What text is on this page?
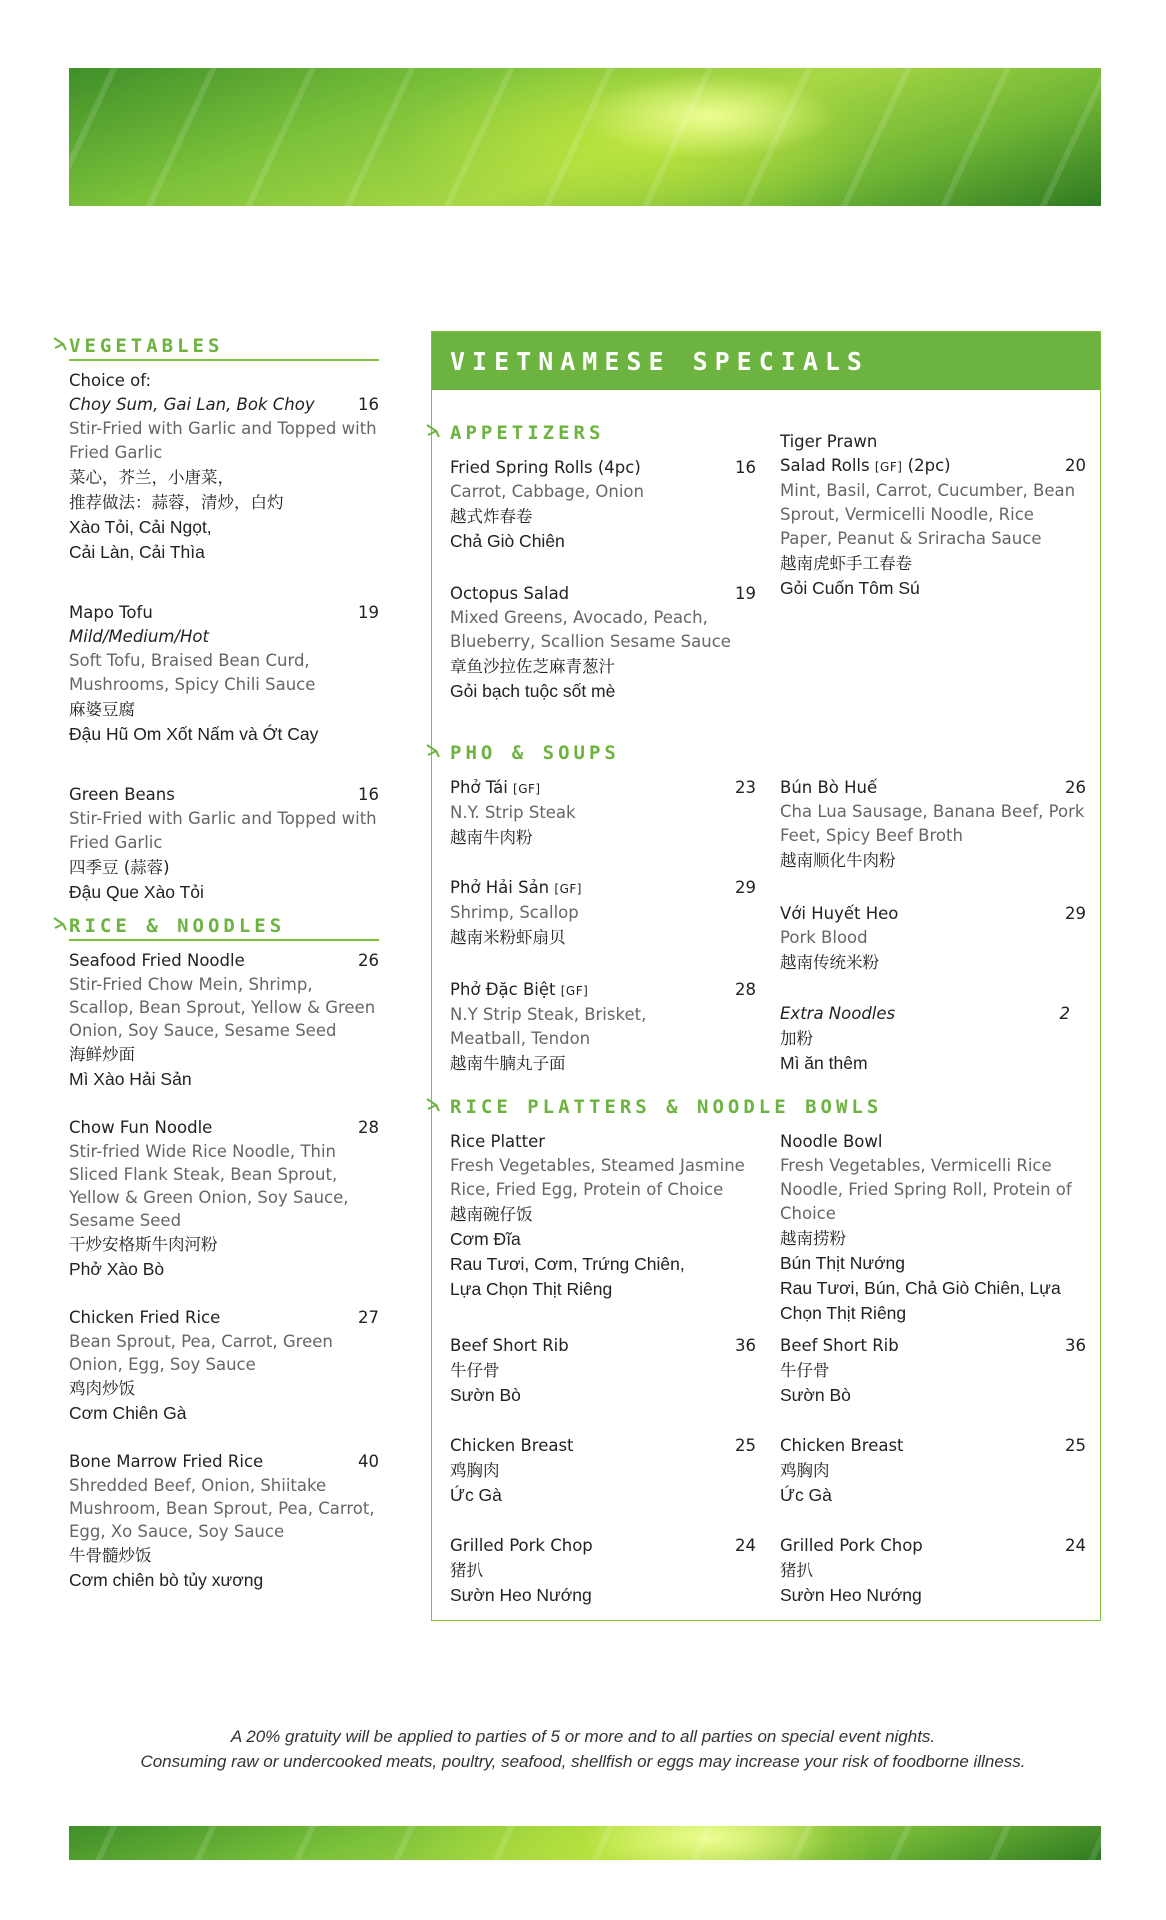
VEGETABLES
Choice of:
Choy Sum, Gai Lan, Bok Choy	16
Stir-Fried with Garlic and Topped with Fried Garlic
菜心，芥兰，小唐菜，
推荐做法：蒜蓉，清炒，白灼
Xào Tỏi, Cải Ngọt,
Cải Làn, Cải Thìa
Mapo Tofu	19
Mild/Medium/Hot
Soft Tofu, Braised Bean Curd, Mushrooms, Spicy Chili Sauce
麻婆豆腐
Đậu Hũ Om Xốt Nấm và Ớt Cay
Green Beans	16
Stir-Fried with Garlic and Topped with Fried Garlic
四季豆 (蒜蓉)
Đậu Que Xào Tỏi
RICE & NOODLES
Seafood Fried Noodle	26
Stir-Fried Chow Mein, Shrimp, Scallop, Bean Sprout, Yellow & Green Onion, Soy Sauce, Sesame Seed
海鲜炒面
Mì Xào Hải Sản
Chow Fun Noodle	28
Stir-fried Wide Rice Noodle, Thin Sliced Flank Steak, Bean Sprout, Yellow & Green Onion, Soy Sauce, Sesame Seed
干炒安格斯牛肉河粉
Phở Xào Bò
Chicken Fried Rice	27
Bean Sprout, Pea, Carrot, Green Onion, Egg, Soy Sauce
鸡肉炒饭
Cơm Chiên Gà
Bone Marrow Fried Rice	40
Shredded Beef, Onion, Shiitake Mushroom, Bean Sprout, Pea, Carrot, Egg, Xo Sauce, Soy Sauce
牛骨髓炒饭
Cơm chiên bò tủy xương
VIETNAMESE SPECIALS
APPETIZERS
Fried Spring Rolls (4pc)	16
Carrot, Cabbage, Onion
越式炸春卷
Chả Giò Chiên
Octopus Salad	19
Mixed Greens, Avocado, Peach, Blueberry, Scallion Sesame Sauce
章鱼沙拉佐芝麻青葱汁
Gỏi bạch tuộc sốt mè
Tiger Prawn
Salad Rolls [GF] (2pc)	20
Mint, Basil, Carrot, Cucumber, Bean Sprout, Vermicelli Noodle, Rice Paper, Peanut & Sriracha Sauce
越南虎虾手工春卷
Gỏi Cuốn Tôm Sú
PHO & SOUPS
Phở Tái [GF]	23
N.Y. Strip Steak
越南牛肉粉
Phở Hải Sản [GF]	29
Shrimp, Scallop
越南米粉虾扇贝
Phở Đặc Biệt [GF]	28
N.Y Strip Steak, Brisket, Meatball, Tendon
越南牛腩丸子面
Bún Bò Huế	26
Cha Lua Sausage, Banana Beef, Pork Feet, Spicy Beef Broth
越南顺化牛肉粉
Với Huyết Heo	29
Pork Blood
越南传统米粉
Extra Noodles	2
加粉
Mì ăn thêm
RICE PLATTERS & NOODLE BOWLS
Rice Platter
Fresh Vegetables, Steamed Jasmine Rice, Fried Egg, Protein of Choice
越南碗仔饭
Cơm Đĩa
Rau Tươi, Cơm, Trứng Chiên, Lựa Chọn Thịt Riêng
Noodle Bowl
Fresh Vegetables, Vermicelli Rice Noodle, Fried Spring Roll, Protein of Choice
越南捞粉
Bún Thịt Nướng
Rau Tươi, Bún, Chả Giò Chiên, Lựa Chọn Thịt Riêng
Beef Short Rib	36
牛仔骨
Sườn Bò
Chicken Breast	25
鸡胸肉
Ức Gà
Grilled Pork Chop	24
猪扒
Sườn Heo Nướng
Beef Short Rib	36
牛仔骨
Sườn Bò
Chicken Breast	25
鸡胸肉
Ức Gà
Grilled Pork Chop	24
猪扒
Sườn Heo Nướng
A 20% gratuity will be applied to parties of 5 or more and to all parties on special event nights.
Consuming raw or undercooked meats, poultry, seafood, shellfish or eggs may increase your risk of foodborne illness.
